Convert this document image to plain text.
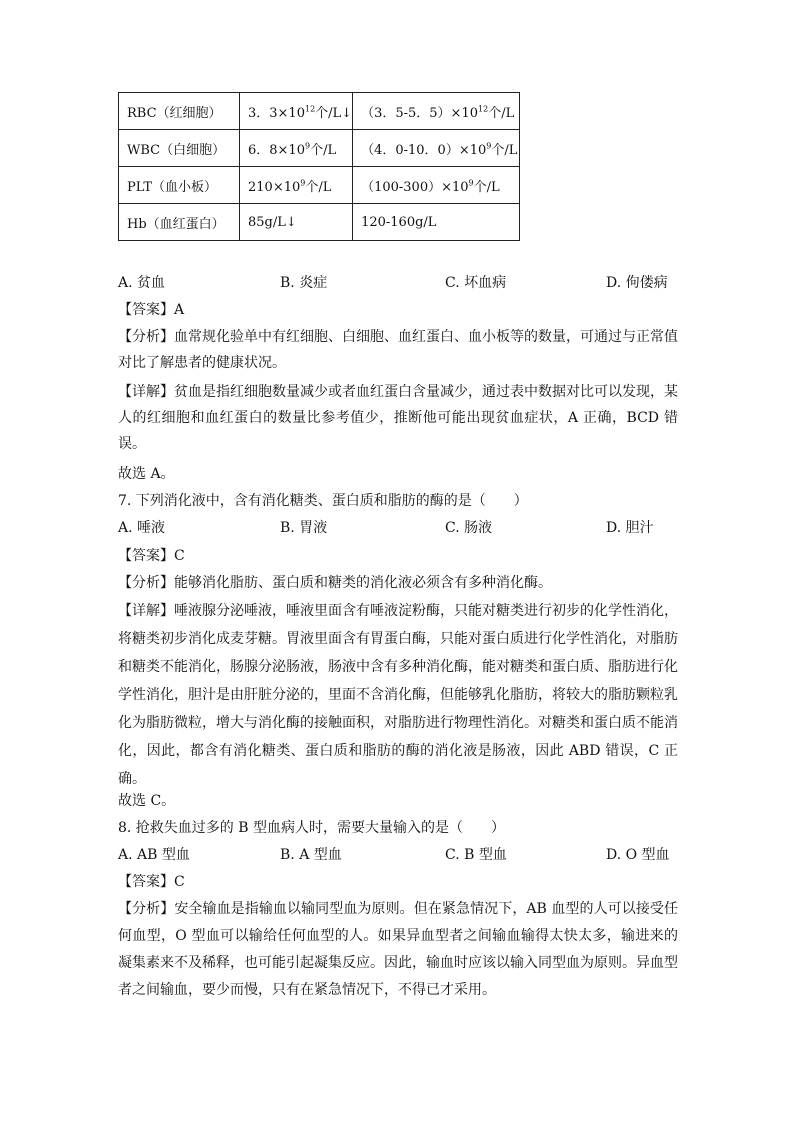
RBC（红细胞）	3．$3\times 10^{12}$个/L↓	（3．5-5．$5)\times 10^{12}$个/L
WBC（白细胞）	6．$8\times 10^9$个/L	（4．0-10．$0)\times 10^9$个/L
PLT（血小板）	$210\times 10^9$个/L	$(100-300)\times 10^9$个/L
Hb（血红蛋白）	85g/L↓	120-160g/L
A. 贫血	B. 炎症	C. 坏血病	D. 佝偻病
【答案】A
【分析】血常规化验单中有红细胞、白细胞、血红蛋白、血小板等的数量，可通过与正常值对比了解患者的健康状况。
【详解】贫血是指红细胞数量减少或者血红蛋白含量减少，通过表中数据对比可以发现，某人的红细胞和血红蛋白的数量比参考值少，推断他可能出现贫血症状，A 正确，BCD 错误。
故选 A。
7. 下列消化液中，含有消化糖类、蛋白质和脂肪的酶的是（　　）
A. 唾液	B. 胃液	C. 肠液	D. 胆汁
【答案】C
【分析】能够消化脂肪、蛋白质和糖类的消化液必须含有多种消化酶。
【详解】唾液腺分泌唾液，唾液里面含有唾液淀粉酶，只能对糖类进行初步的化学性消化，将糖类初步消化成麦芽糖。胃液里面含有胃蛋白酶，只能对蛋白质进行化学性消化，对脂肪和糖类不能消化，肠腺分泌肠液，肠液中含有多种消化酶，能对糖类和蛋白质、脂肪进行化学性消化，胆汁是由肝脏分泌的，里面不含消化酶，但能够乳化脂肪，将较大的脂肪颗粒乳化为脂肪微粒，增大与消化酶的接触面积，对脂肪进行物理性消化。对糖类和蛋白质不能消化，因此，都含有消化糖类、蛋白质和脂肪的酶的消化液是肠液，因此 ABD 错误，C 正确。
故选 C。
8. 抢救失血过多的 B 型血病人时，需要大量输入的是（　　）
A. AB 型血	B. A 型血	C. B 型血	D. O 型血
【答案】C
【分析】安全输血是指输血以输同型血为原则。但在紧急情况下，AB 血型的人可以接受任何血型，O 型血可以输给任何血型的人。如果异血型者之间输血输得太快太多，输进来的凝集素来不及稀释，也可能引起凝集反应。因此，输血时应该以输入同型血为原则。异血型者之间输血，要少而慢，只有在紧急情况下，不得已才采用。
